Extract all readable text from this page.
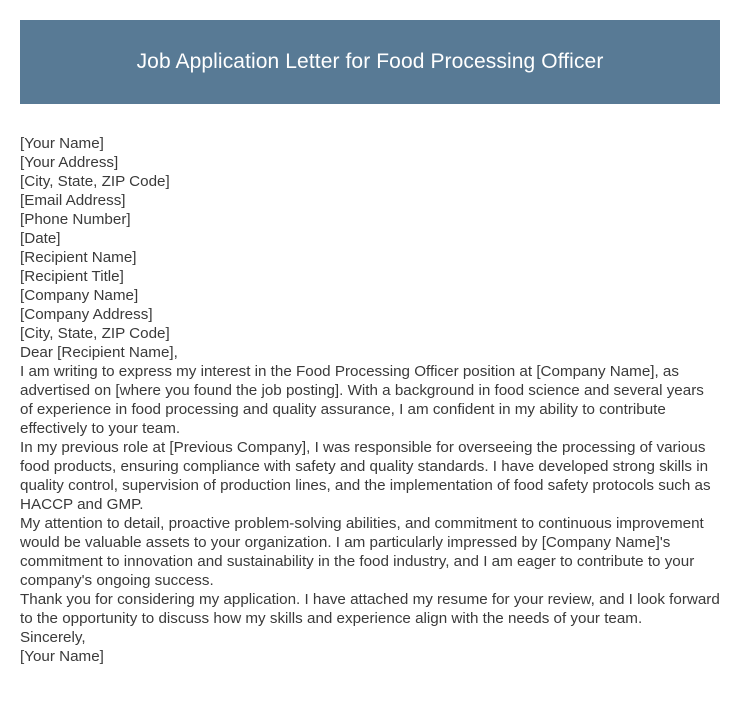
Job Application Letter for Food Processing Officer
[Your Name]
[Your Address]
[City, State, ZIP Code]
[Email Address]
[Phone Number]
[Date]
[Recipient Name]
[Recipient Title]
[Company Name]
[Company Address]
[City, State, ZIP Code]
Dear [Recipient Name],

I am writing to express my interest in the Food Processing Officer position at [Company Name], as advertised on [where you found the job posting]. With a background in food science and several years of experience in food processing and quality assurance, I am confident in my ability to contribute effectively to your team.

In my previous role at [Previous Company], I was responsible for overseeing the processing of various food products, ensuring compliance with safety and quality standards. I have developed strong skills in quality control, supervision of production lines, and the implementation of food safety protocols such as HACCP and GMP.

My attention to detail, proactive problem-solving abilities, and commitment to continuous improvement would be valuable assets to your organization. I am particularly impressed by [Company Name]'s commitment to innovation and sustainability in the food industry, and I am eager to contribute to your company's ongoing success.

Thank you for considering my application. I have attached my resume for your review, and I look forward to the opportunity to discuss how my skills and experience align with the needs of your team.

Sincerely,
[Your Name]
